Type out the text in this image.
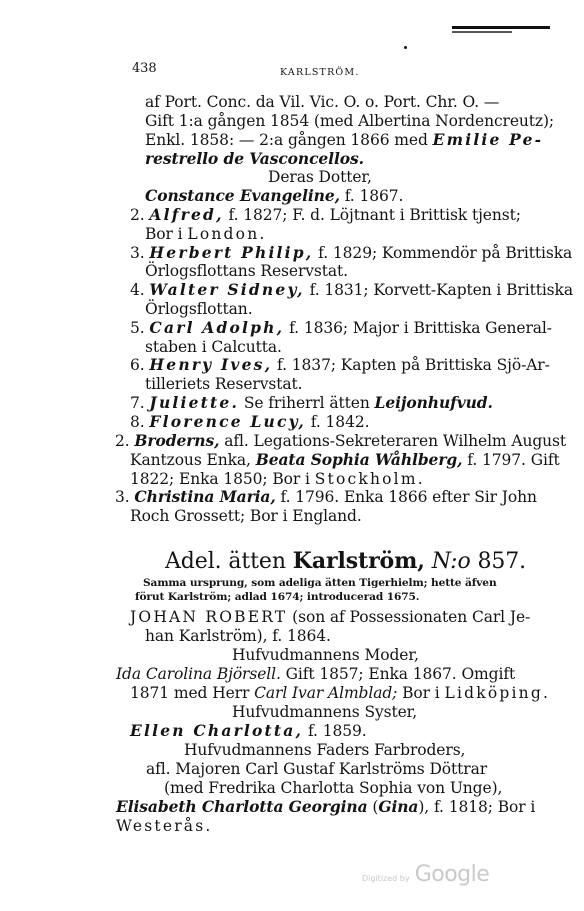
438	KARLSTRÖM.
af Port. Conc. da Vil. Vic. O. o. Port. Chr. O. —
Gift 1:a gången 1854 (med Albertina Nordencreutz);
Enkl. 1858: — 2:a gången 1866 med Emilie Pe-
restrello de Vasconcellos.
Deras Dotter,
Constance Evangeline, f. 1867.
2. Alfred, f. 1827; F. d. Löjtnant i Brittisk tjenst;
Bor i London.
3. Herbert Philip, f. 1829; Kommendör på Brittiska
Örlogsflottans Reservstat.
4. Walter Sidney, f. 1831; Korvett-Kapten i Brittiska
Örlogsflottan.
5. Carl Adolph, f. 1836; Major i Brittiska General-
staben i Calcutta.
6. Henry Ives, f. 1837; Kapten på Brittiska Sjö-Ar-
tilleriets Reservstat.
7. Juliette. Se friherrl ätten Leijonhufvud.
8. Florence Lucy, f. 1842.
2. Broderns, afl. Legations-Sekreteraren Wilhelm August
Kantzous Enka, Beata Sophia Wåhlberg, f. 1797. Gift
1822; Enka 1850; Bor i Stockholm.
3. Christina Maria, f. 1796. Enka 1866 efter Sir John
Roch Grossett; Bor i England.
Adel. ätten Karlström, N:o 857.
Samma ursprung, som adeliga ätten Tigerhielm; hette äfven
förut Karlström; adlad 1674; introducerad 1675.
JOHAN ROBERT (son af Possessionaten Carl Je-
han Karlström), f. 1864.
Hufvudmannens Moder,
Ida Carolina Björsell. Gift 1857; Enka 1867. Omgift
1871 med Herr Carl Ivar Almblad; Bor i Lidköping.
Hufvudmannens Syster,
Ellen Charlotta, f. 1859.
Hufvudmannens Faders Farbroders,
afl. Majoren Carl Gustaf Karlströms Döttrar
(med Fredrika Charlotta Sophia von Unge),
Elisabeth Charlotta Georgina (Gina), f. 1818; Bor i
Westerås.
Digitized by Google
